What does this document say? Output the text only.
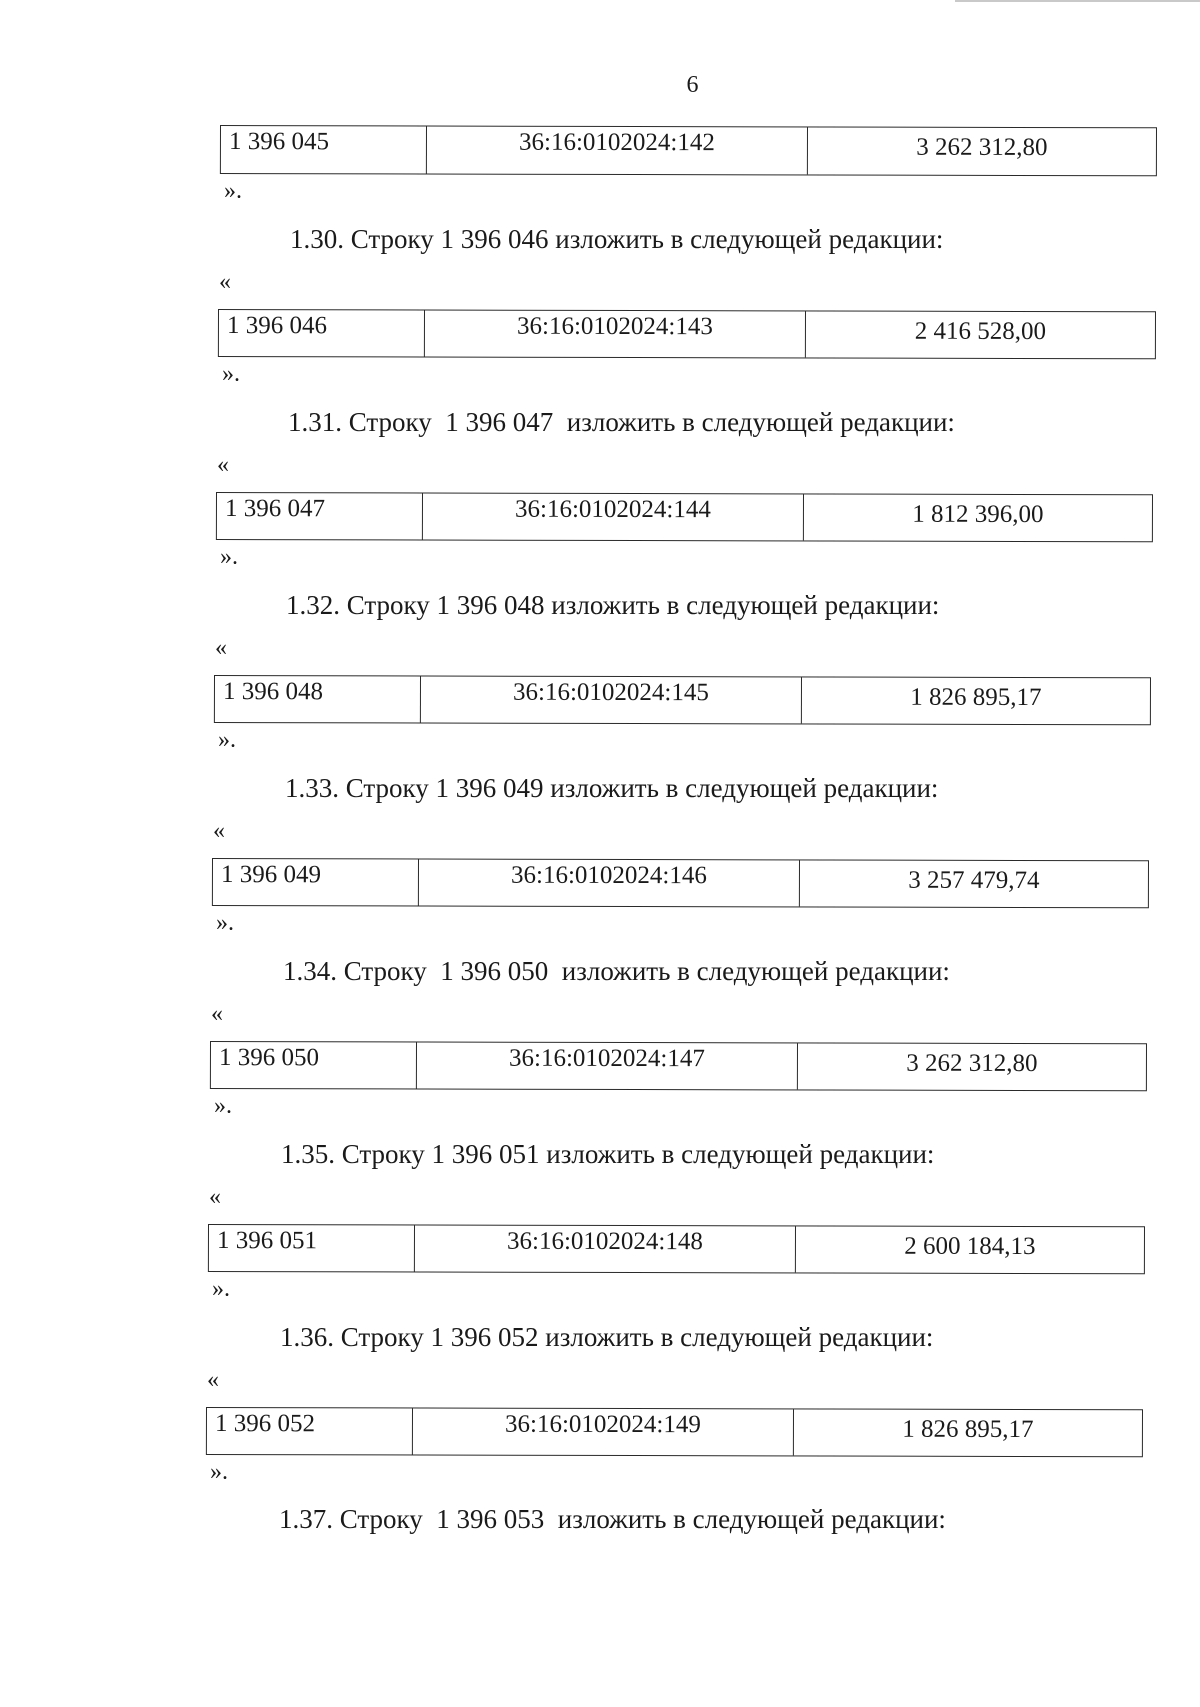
6
1 396 045	36:16:0102024:142	3 262 312,80
».
1.30. Строку 1 396 046 изложить в следующей редакции:
«
1 396 046	36:16:0102024:143	2 416 528,00
».
1.31. Строку  1 396 047  изложить в следующей редакции:
«
1 396 047	36:16:0102024:144	1 812 396,00
».
1.32. Строку 1 396 048 изложить в следующей редакции:
«
1 396 048	36:16:0102024:145	1 826 895,17
».
1.33. Строку 1 396 049 изложить в следующей редакции:
«
1 396 049	36:16:0102024:146	3 257 479,74
».
1.34. Строку  1 396 050  изложить в следующей редакции:
«
1 396 050	36:16:0102024:147	3 262 312,80
».
1.35. Строку 1 396 051 изложить в следующей редакции:
«
1 396 051	36:16:0102024:148	2 600 184,13
».
1.36. Строку 1 396 052 изложить в следующей редакции:
«
1 396 052	36:16:0102024:149	1 826 895,17
».
1.37. Строку  1 396 053  изложить в следующей редакции:
